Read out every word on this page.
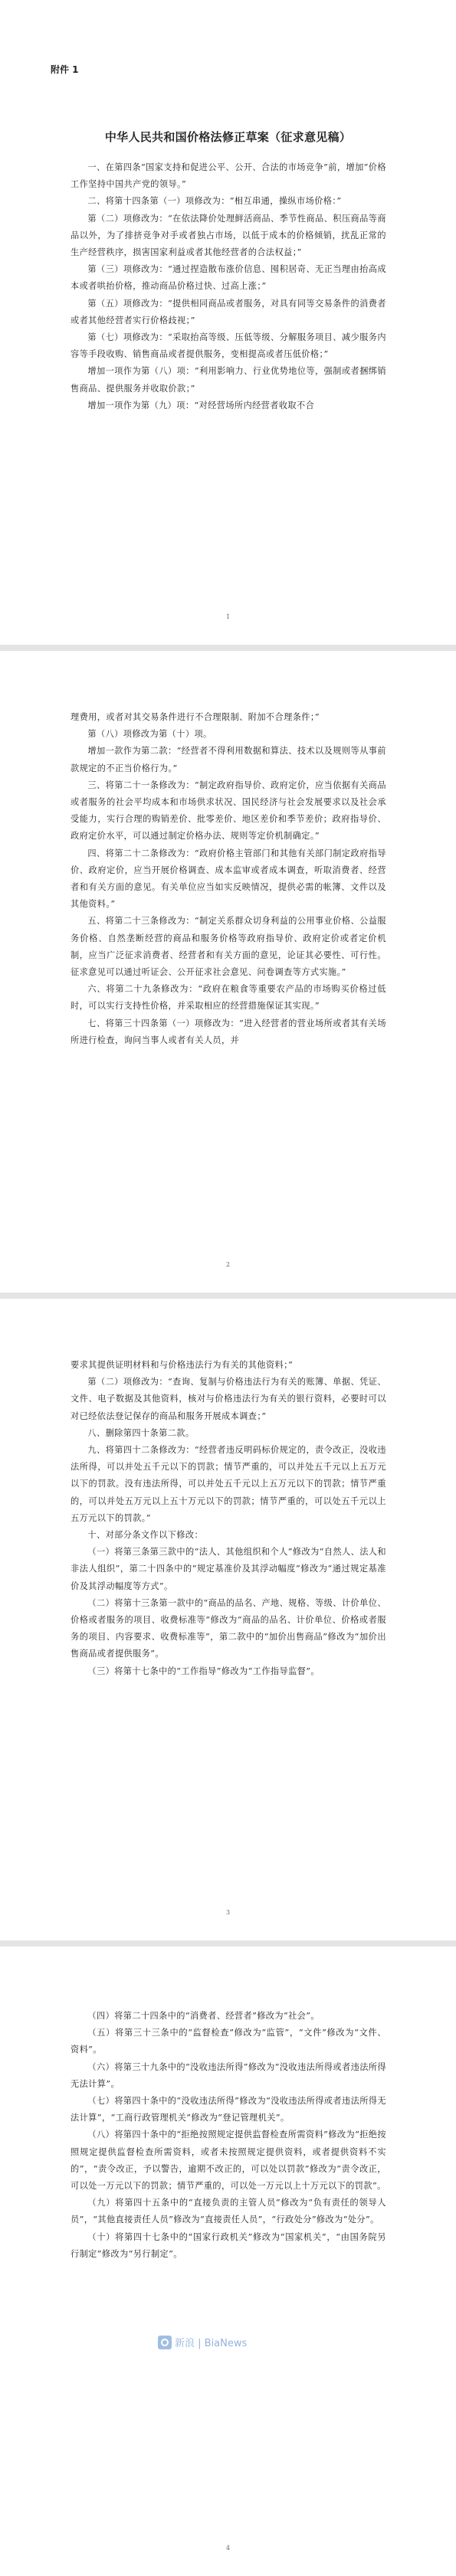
附件 1
中华人民共和国价格法修正草案（征求意见稿）

一、在第四条“国家支持和促进公平、公开、合法的市场竞争”前，增加“价格工作坚持中国共产党的领导。”

二、将第十四条第（一）项修改为：“相互串通，操纵市场价格：”

第（二）项修改为：“在依法降价处理鲜活商品、季节性商品、积压商品等商品以外，为了排挤竞争对手或者独占市场，以低于成本的价格倾销，扰乱正常的生产经营秩序，损害国家利益或者其他经营者的合法权益；”

第（三）项修改为：“通过捏造散布涨价信息、囤积居奇、无正当理由抬高成本或者哄抬价格，推动商品价格过快、过高上涨；”

第（五）项修改为：“提供相同商品或者服务，对具有同等交易条件的消费者或者其他经营者实行价格歧视；”

第（七）项修改为：“采取抬高等级、压低等级、分解服务项目、减少服务内容等手段收购、销售商品或者提供服务，变相提高或者压低价格；”

增加一项作为第（八）项：“利用影响力、行业优势地位等，强制或者捆绑销售商品、提供服务并收取价款；”

增加一项作为第（九）项：“对经营场所内经营者收取不合

1

理费用，或者对其交易条件进行不合理限制、附加不合理条件；”

第（八）项修改为第（十）项。

增加一款作为第二款：“经营者不得利用数据和算法、技术以及规则等从事前款规定的不正当价格行为。”

三、将第二十一条修改为：“制定政府指导价、政府定价，应当依据有关商品或者服务的社会平均成本和市场供求状况、国民经济与社会发展要求以及社会承受能力，实行合理的购销差价、批零差价、地区差价和季节差价；政府指导价、政府定价水平，可以通过制定价格办法、规则等定价机制确定。”

四、将第二十二条修改为：“政府价格主管部门和其他有关部门制定政府指导价、政府定价，应当开展价格调查、成本监审或者成本调查，听取消费者、经营者和有关方面的意见。有关单位应当如实反映情况，提供必需的帐簿、文件以及其他资料。”

五、将第二十三条修改为：“制定关系群众切身利益的公用事业价格、公益服务价格、自然垄断经营的商品和服务价格等政府指导价、政府定价或者定价机制，应当广泛征求消费者、经营者和有关方面的意见，论证其必要性、可行性。征求意见可以通过听证会、公开征求社会意见、问卷调查等方式实施。”

六、将第二十九条修改为：“政府在粮食等重要农产品的市场购买价格过低时，可以实行支持性价格，并采取相应的经营措施保证其实现。”

七、将第三十四条第（一）项修改为：“进入经营者的营业场所或者其有关场所进行检查，询问当事人或者有关人员，并

2

要求其提供证明材料和与价格违法行为有关的其他资料；”

第（二）项修改为：“查询、复制与价格违法行为有关的账簿、单据、凭证、文件、电子数据及其他资料，核对与价格违法行为有关的银行资料，必要时可以对已经依法登记保存的商品和服务开展成本调查；”

八、删除第四十条第二款。

九、将第四十二条修改为：“经营者违反明码标价规定的，责令改正，没收违法所得，可以并处五千元以下的罚款；情节严重的，可以并处五千元以上五万元以下的罚款。没有违法所得，可以并处五千元以上五万元以下的罚款；情节严重的，可以并处五万元以上五十万元以下的罚款；情节严重的，可以处五千元以上五万元以下的罚款。”

十、对部分条文作以下修改：

（一）将第三条第三款中的“法人、其他组织和个人”修改为“自然人、法人和非法人组织”，第二十四条中的“规定基准价及其浮动幅度”修改为“通过规定基准价及其浮动幅度等方式”。

（二）将第十三条第一款中的“商品的品名、产地、规格、等级、计价单位、价格或者服务的项目、收费标准等”修改为“商品的品名、计价单位、价格或者服务的项目、内容要求、收费标准等”，第二款中的“加价出售商品”修改为“加价出售商品或者提供服务”。

（三）将第十七条中的“工作指导”修改为“工作指导监督”。

3

（四）将第二十四条中的“消费者、经营者”修改为“社会”。

（五）将第三十三条中的“监督检查”修改为“监管”，“文件”修改为“文件、资料”。

（六）将第三十九条中的“没收违法所得”修改为“没收违法所得或者违法所得无法计算”。

（七）将第四十条中的“没收违法所得”修改为“没收违法所得或者违法所得无法计算”，“工商行政管理机关”修改为“登记管理机关”。

（八）将第四十条中的“拒绝按照规定提供监督检查所需资料”修改为“拒绝按照规定提供监督检查所需资料，或者未按照规定提供资料，或者提供资料不实的”，“责令改正，予以警告，逾期不改正的，可以处以罚款”修改为“责令改正，可以处一万元以下的罚款；情节严重的，可以处一万元以上十万元以下的罚款”。

（九）将第四十五条中的“直接负责的主管人员”修改为“负有责任的领导人员”，“其他直接责任人员”修改为“直接责任人员”，“行政处分”修改为“处分”。

（十）将第四十七条中的“国家行政机关”修改为“国家机关”，“由国务院另行制定”修改为“另行制定”。

4
新浪 | BiaNews
